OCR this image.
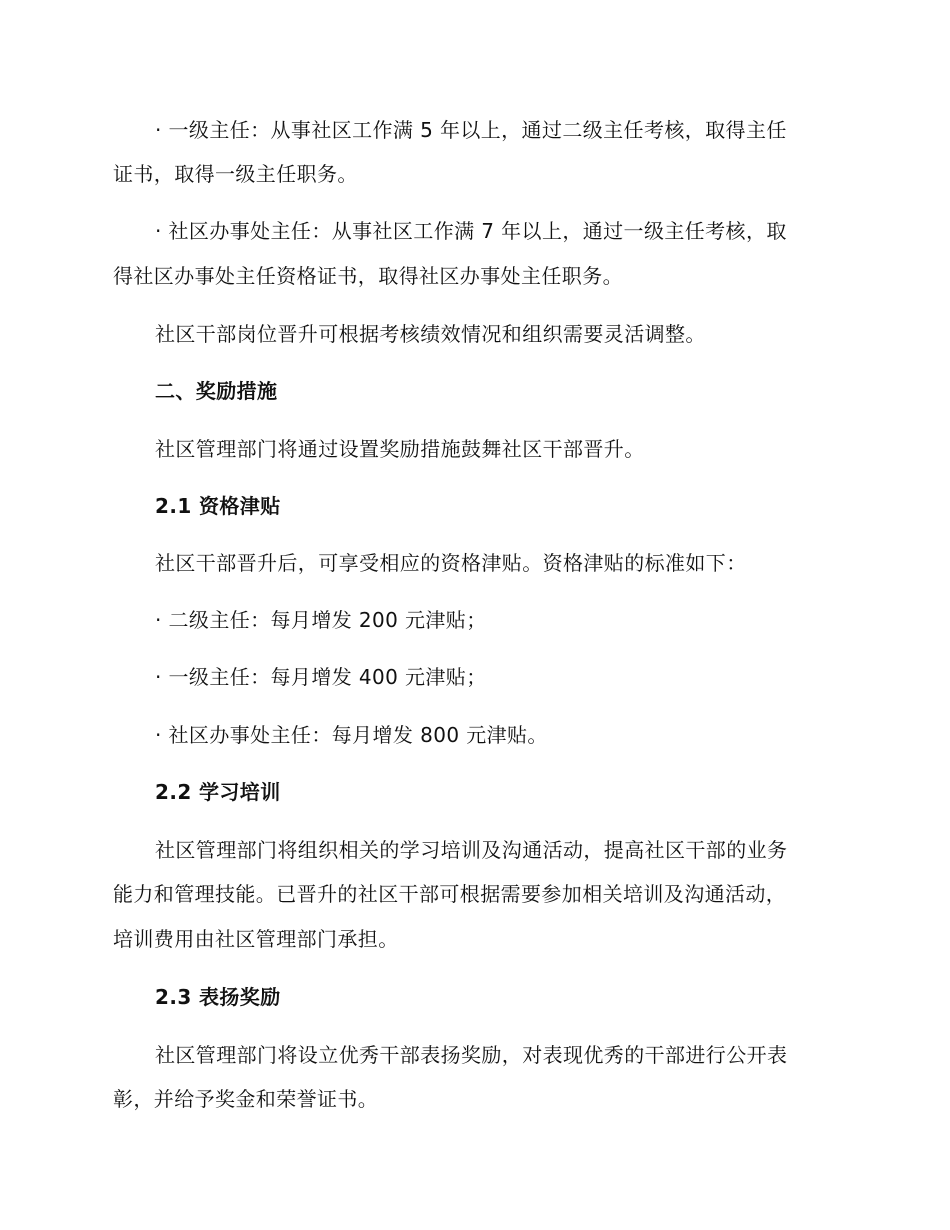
· 一级主任：从事社区工作满 5 年以上，通过二级主任考核，取得主任
证书，取得一级主任职务。
· 社区办事处主任：从事社区工作满 7 年以上，通过一级主任考核，取
得社区办事处主任资格证书，取得社区办事处主任职务。
社区干部岗位晋升可根据考核绩效情况和组织需要灵活调整。
二、奖励措施
社区管理部门将通过设置奖励措施鼓舞社区干部晋升。
2.1 资格津贴
社区干部晋升后，可享受相应的资格津贴。资格津贴的标准如下：
· 二级主任：每月增发 200 元津贴；
· 一级主任：每月增发 400 元津贴；
· 社区办事处主任：每月增发 800 元津贴。
2.2 学习培训
社区管理部门将组织相关的学习培训及沟通活动，提高社区干部的业务
能力和管理技能。已晋升的社区干部可根据需要参加相关培训及沟通活动，
培训费用由社区管理部门承担。
2.3 表扬奖励
社区管理部门将设立优秀干部表扬奖励，对表现优秀的干部进行公开表
彰，并给予奖金和荣誉证书。
